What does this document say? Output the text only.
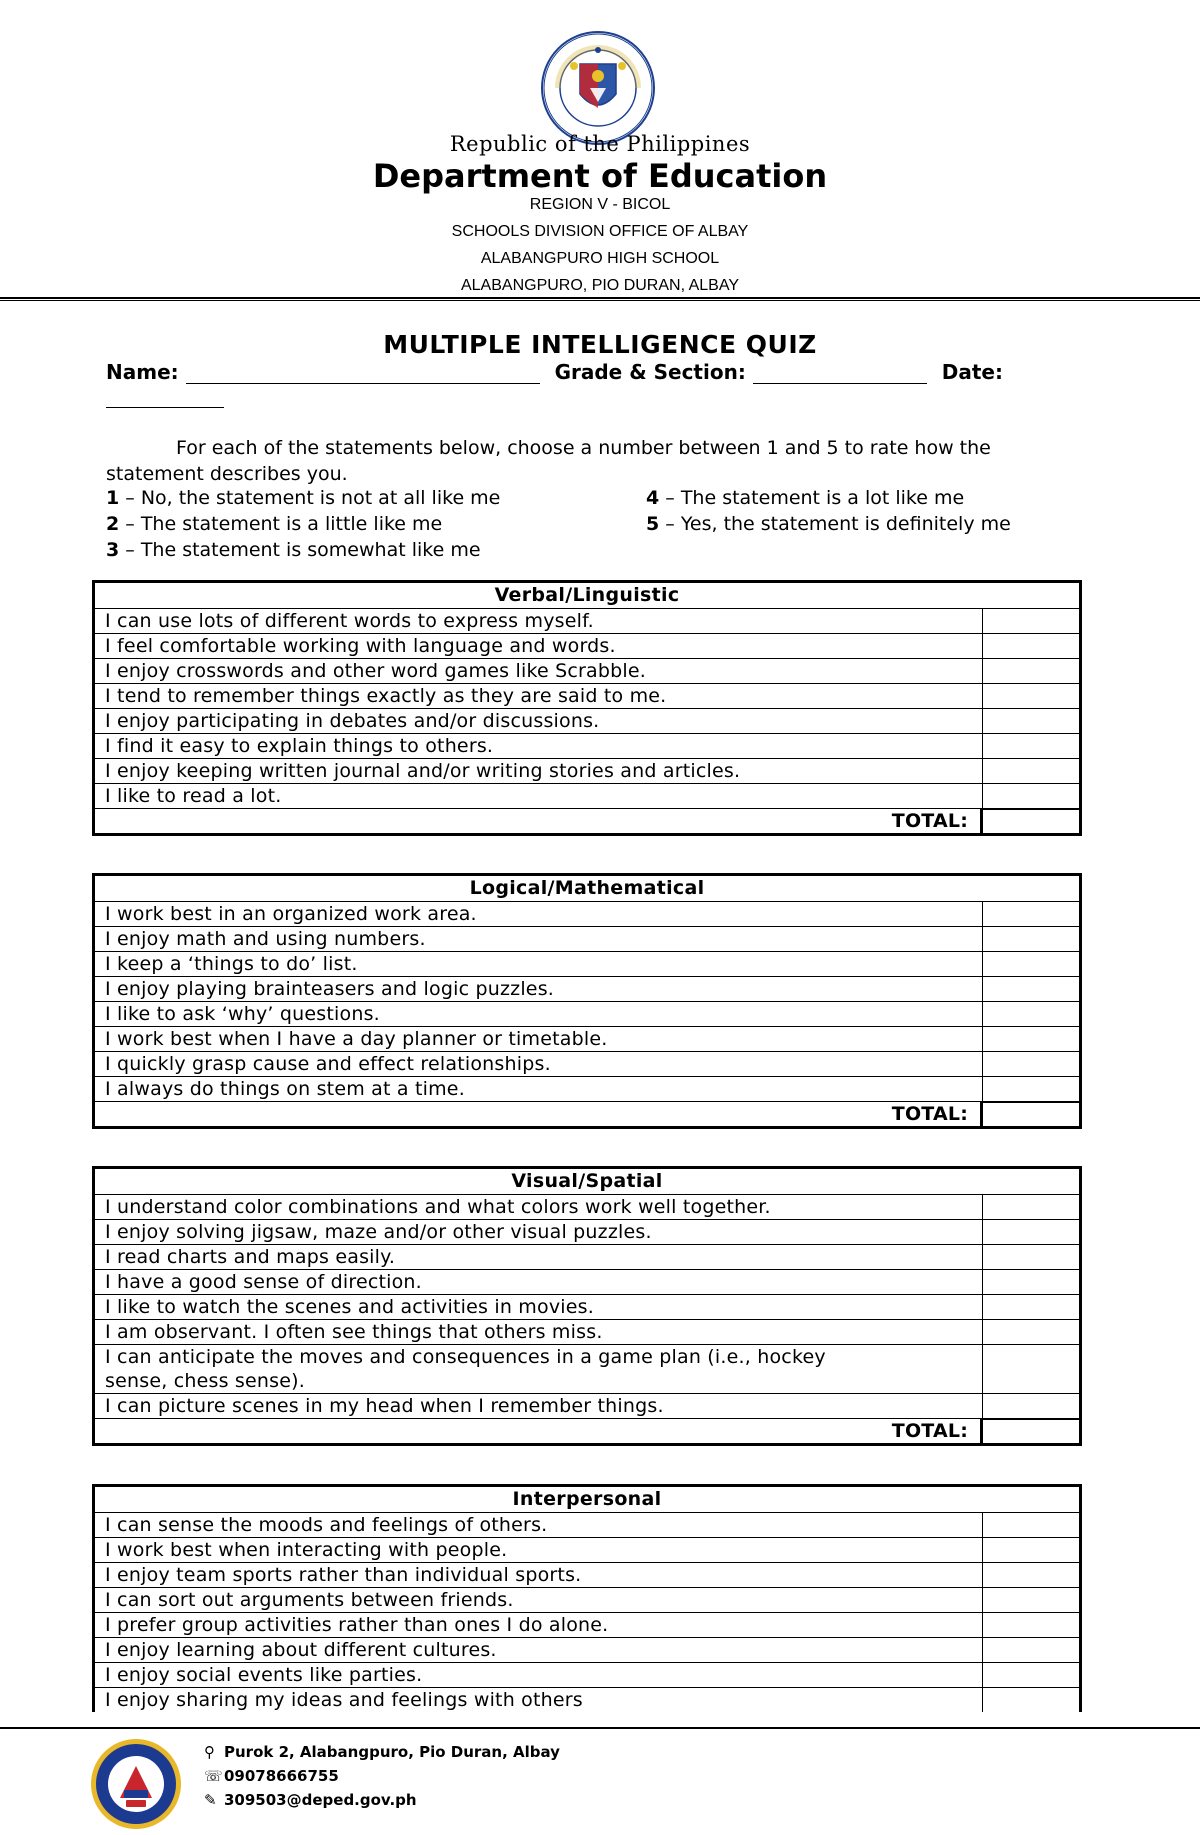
Republic of the Philippines
Department of Education
REGION V - BICOL
SCHOOLS DIVISION OFFICE OF ALBAY
ALABANGPURO HIGH SCHOOL
ALABANGPURO, PIO DURAN, ALBAY
MULTIPLE INTELLIGENCE QUIZ
Name:	Grade & Section:	Date:
For each of the statements below, choose a number between 1 and 5 to rate how the
statement describes you.
1 – No, the statement is not at all like me
2 – The statement is a little like me
3 – The statement is somewhat like me
4 – The statement is a lot like me
5 – Yes, the statement is definitely me
Verbal/Linguistic
I can use lots of different words to express myself.
I feel comfortable working with language and words.
I enjoy crosswords and other word games like Scrabble.
I tend to remember things exactly as they are said to me.
I enjoy participating in debates and/or discussions.
I find it easy to explain things to others.
I enjoy keeping written journal and/or writing stories and articles.
I like to read a lot.
TOTAL:
Logical/Mathematical
I work best in an organized work area.
I enjoy math and using numbers.
I keep a ‘things to do’ list.
I enjoy playing brainteasers and logic puzzles.
I like to ask ‘why’ questions.
I work best when I have a day planner or timetable.
I quickly grasp cause and effect relationships.
I always do things on stem at a time.
TOTAL:
Visual/Spatial
I understand color combinations and what colors work well together.
I enjoy solving jigsaw, maze and/or other visual puzzles.
I read charts and maps easily.
I have a good sense of direction.
I like to watch the scenes and activities in movies.
I am observant. I often see things that others miss.
I can anticipate the moves and consequences in a game plan (i.e., hockey sense, chess sense).
I can picture scenes in my head when I remember things.
TOTAL:
Interpersonal
I can sense the moods and feelings of others.
I work best when interacting with people.
I enjoy team sports rather than individual sports.
I can sort out arguments between friends.
I prefer group activities rather than ones I do alone.
I enjoy learning about different cultures.
I enjoy social events like parties.
I enjoy sharing my ideas and feelings with others
⚲ Purok 2, Alabangpuro, Pio Duran, Albay
☏09078666755
✎ 309503@deped.gov.ph
